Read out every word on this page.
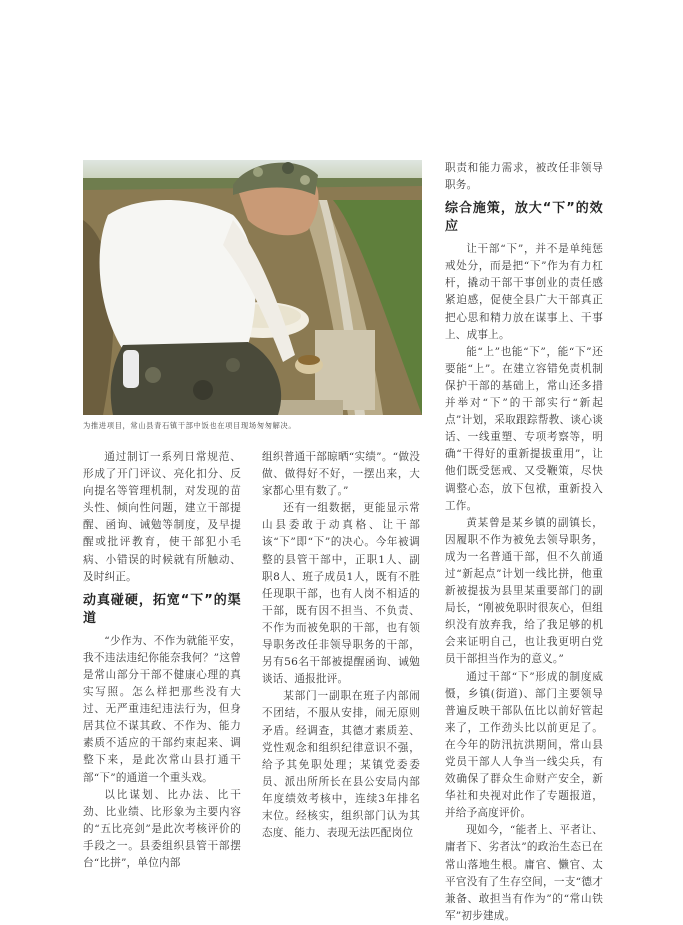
为推进项目，常山县青石镇干部中饭也在项目现场匆匆解决。

通过制订一系列日常规范、形成了开门评议、亮化扣分、反向提名等管理机制，对发现的苗头性、倾向性问题，建立干部提醒、函询、诫勉等制度，及早提醒或批评教育，使干部犯小毛病、小错误的时候就有所触动、及时纠正。

动真碰硬，拓宽“下”的渠道

“少作为、不作为就能平安，我不违法违纪你能奈我何？”这曾是常山部分干部不健康心理的真实写照。怎么样把那些没有大过、无严重违纪违法行为，但身居其位不谋其政、不作为、能力素质不适应的干部约束起来、调整下来，是此次常山县打通干部“下”的通道一个重头戏。

以比谋划、比办法、比干劲、比业绩、比形象为主要内容的“五比亮剑”是此次考核评价的手段之一。县委组织县管干部摆台“比拼”，单位内部

组织普通干部晾晒“实绩”。“做没做、做得好不好，一摆出来，大家都心里有数了。”

还有一组数据，更能显示常山县委敢于动真格、让干部该“下”即“下”的决心。今年被调整的县管干部中，正职1人、副职8人、班子成员1人，既有不胜任现职干部，也有人岗不相适的干部，既有因不担当、不负责、不作为而被免职的干部，也有领导职务改任非领导职务的干部，另有56名干部被提醒函询、诫勉谈话、通报批评。

某部门一副职在班子内部闹不团结，不服从安排，闹无原则矛盾。经调查，其德才素质差、党性观念和组织纪律意识不强，给予其免职处理；某镇党委委员、派出所所长在县公安局内部年度绩效考核中，连续3年排名末位。经核实，组织部门认为其态度、能力、表现无法匹配岗位

职责和能力需求，被改任非领导职务。

综合施策，放大“下”的效应

让干部“下”，并不是单纯惩戒处分，而是把“下”作为有力杠杆，撬动干部干事创业的责任感紧迫感，促使全县广大干部真正把心思和精力放在谋事上、干事上、成事上。

能“上”也能“下”，能“下”还要能“上”。在建立容错免责机制保护干部的基础上，常山还多措并举对“下”的干部实行“新起点”计划，采取跟踪帮教、谈心谈话、一线重塑、专项考察等，明确“干得好的重新提拔重用”，让他们既受惩戒、又受鞭策，尽快调整心态，放下包袱，重新投入工作。

黄某曾是某乡镇的副镇长，因履职不作为被免去领导职务，成为一名普通干部，但不久前通过“新起点”计划一线比拼，他重新被提拔为县里某重要部门的副局长，“刚被免职时很灰心，但组织没有放弃我，给了我足够的机会来证明自己，也让我更明白党员干部担当作为的意义。”

通过干部“下”形成的制度威慑，乡镇(街道)、部门主要领导普遍反映干部队伍比以前好管起来了，工作劲头比以前更足了。在今年的防汛抗洪期间，常山县党员干部人人争当一线尖兵，有效确保了群众生命财产安全，新华社和央视对此作了专题报道，并给予高度评价。

现如今，“能者上、平者让、庸者下、劣者汰”的政治生态已在常山落地生根。庸官、懒官、太平官没有了生存空间，一支“德才兼备、敢担当有作为”的“常山铁军”初步建成。
